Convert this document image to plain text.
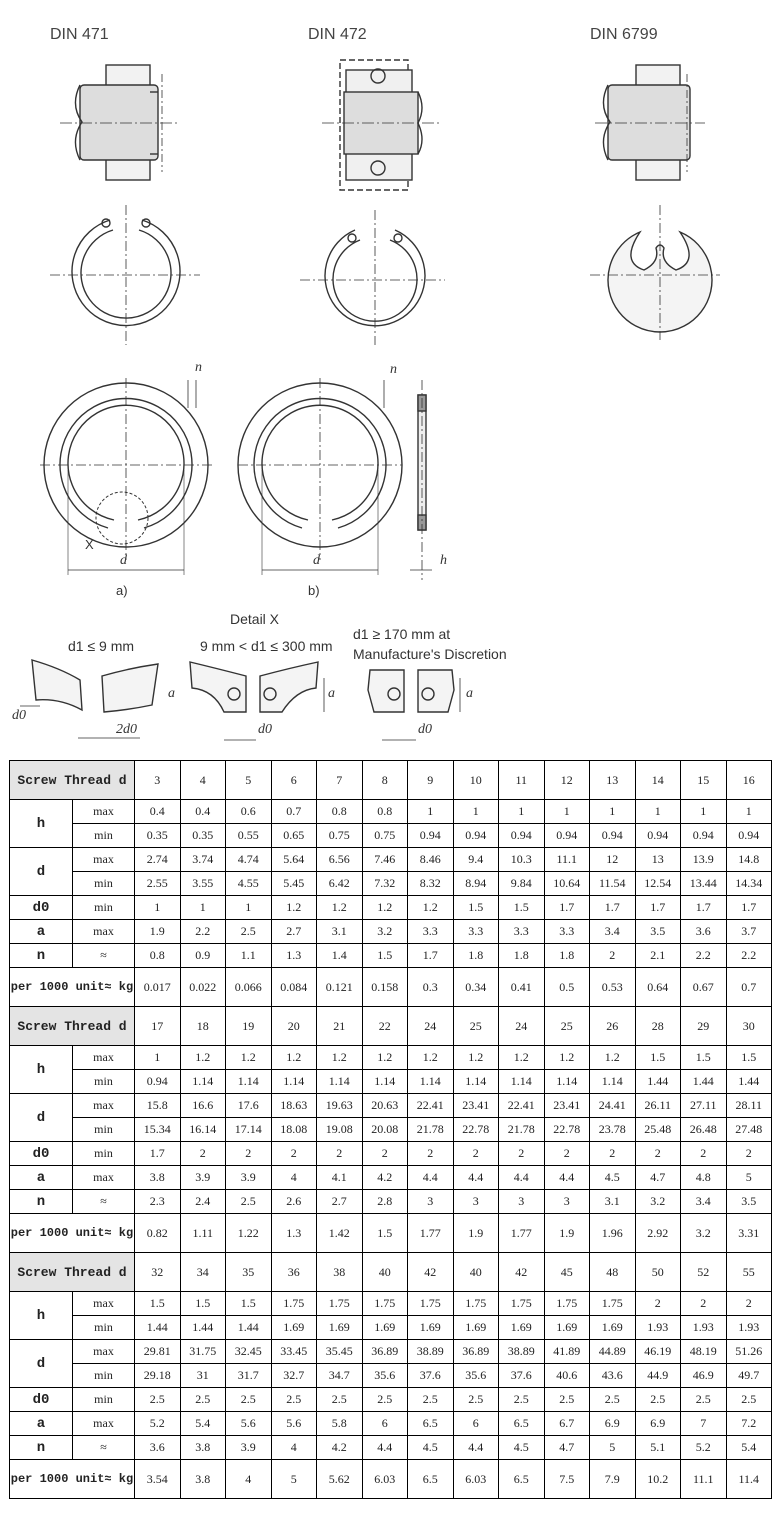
DIN 471	DIN 472	DIN 6799
n	n
d	d	h
X
a)	b)
Detail X
d1 ≤ 9 mm	9 mm < d1 ≤ 300 mm
d1 ≥ 170 mm at
Manufacture's Discretion
a	a	a
d0
2d0	d0	d0
Screw Thread d		3	4	5	6	7	8	9	10	11	12	13	14	15	16
h	max	0.4	0.4	0.6	0.7	0.8	0.8	1	1	1	1	1	1	1	1
	min	0.35	0.35	0.55	0.65	0.75	0.75	0.94	0.94	0.94	0.94	0.94	0.94	0.94	0.94
d	max	2.74	3.74	4.74	5.64	6.56	7.46	8.46	9.4	10.3	11.1	12	13	13.9	14.8
	min	2.55	3.55	4.55	5.45	6.42	7.32	8.32	8.94	9.84	10.64	11.54	12.54	13.44	14.34
d0	min	1	1	1	1.2	1.2	1.2	1.2	1.5	1.5	1.7	1.7	1.7	1.7	1.7
a	max	1.9	2.2	2.5	2.7	3.1	3.2	3.3	3.3	3.3	3.3	3.4	3.5	3.6	3.7
n	≈	0.8	0.9	1.1	1.3	1.4	1.5	1.7	1.8	1.8	1.8	2	2.1	2.2	2.2
per 1000 unit≈ kg		0.017	0.022	0.066	0.084	0.121	0.158	0.3	0.34	0.41	0.5	0.53	0.64	0.67	0.7
Screw Thread d		17	18	19	20	21	22	24	25	24	25	26	28	29	30
h	max	1	1.2	1.2	1.2	1.2	1.2	1.2	1.2	1.2	1.2	1.2	1.5	1.5	1.5
	min	0.94	1.14	1.14	1.14	1.14	1.14	1.14	1.14	1.14	1.14	1.14	1.44	1.44	1.44
d	max	15.8	16.6	17.6	18.63	19.63	20.63	22.41	23.41	22.41	23.41	24.41	26.11	27.11	28.11
	min	15.34	16.14	17.14	18.08	19.08	20.08	21.78	22.78	21.78	22.78	23.78	25.48	26.48	27.48
d0	min	1.7	2	2	2	2	2	2	2	2	2	2	2	2	2
a	max	3.8	3.9	3.9	4	4.1	4.2	4.4	4.4	4.4	4.4	4.5	4.7	4.8	5
n	≈	2.3	2.4	2.5	2.6	2.7	2.8	3	3	3	3	3.1	3.2	3.4	3.5
per 1000 unit≈ kg		0.82	1.11	1.22	1.3	1.42	1.5	1.77	1.9	1.77	1.9	1.96	2.92	3.2	3.31
Screw Thread d		32	34	35	36	38	40	42	40	42	45	48	50	52	55
h	max	1.5	1.5	1.5	1.75	1.75	1.75	1.75	1.75	1.75	1.75	1.75	2	2	2
	min	1.44	1.44	1.44	1.69	1.69	1.69	1.69	1.69	1.69	1.69	1.69	1.93	1.93	1.93
d	max	29.81	31.75	32.45	33.45	35.45	36.89	38.89	36.89	38.89	41.89	44.89	46.19	48.19	51.26
	min	29.18	31	31.7	32.7	34.7	35.6	37.6	35.6	37.6	40.6	43.6	44.9	46.9	49.7
d0	min	2.5	2.5	2.5	2.5	2.5	2.5	2.5	2.5	2.5	2.5	2.5	2.5	2.5	2.5
a	max	5.2	5.4	5.6	5.6	5.8	6	6.5	6	6.5	6.7	6.9	6.9	7	7.2
n	≈	3.6	3.8	3.9	4	4.2	4.4	4.5	4.4	4.5	4.7	5	5.1	5.2	5.4
per 1000 unit≈ kg		3.54	3.8	4	5	5.62	6.03	6.5	6.03	6.5	7.5	7.9	10.2	11.1	11.4
